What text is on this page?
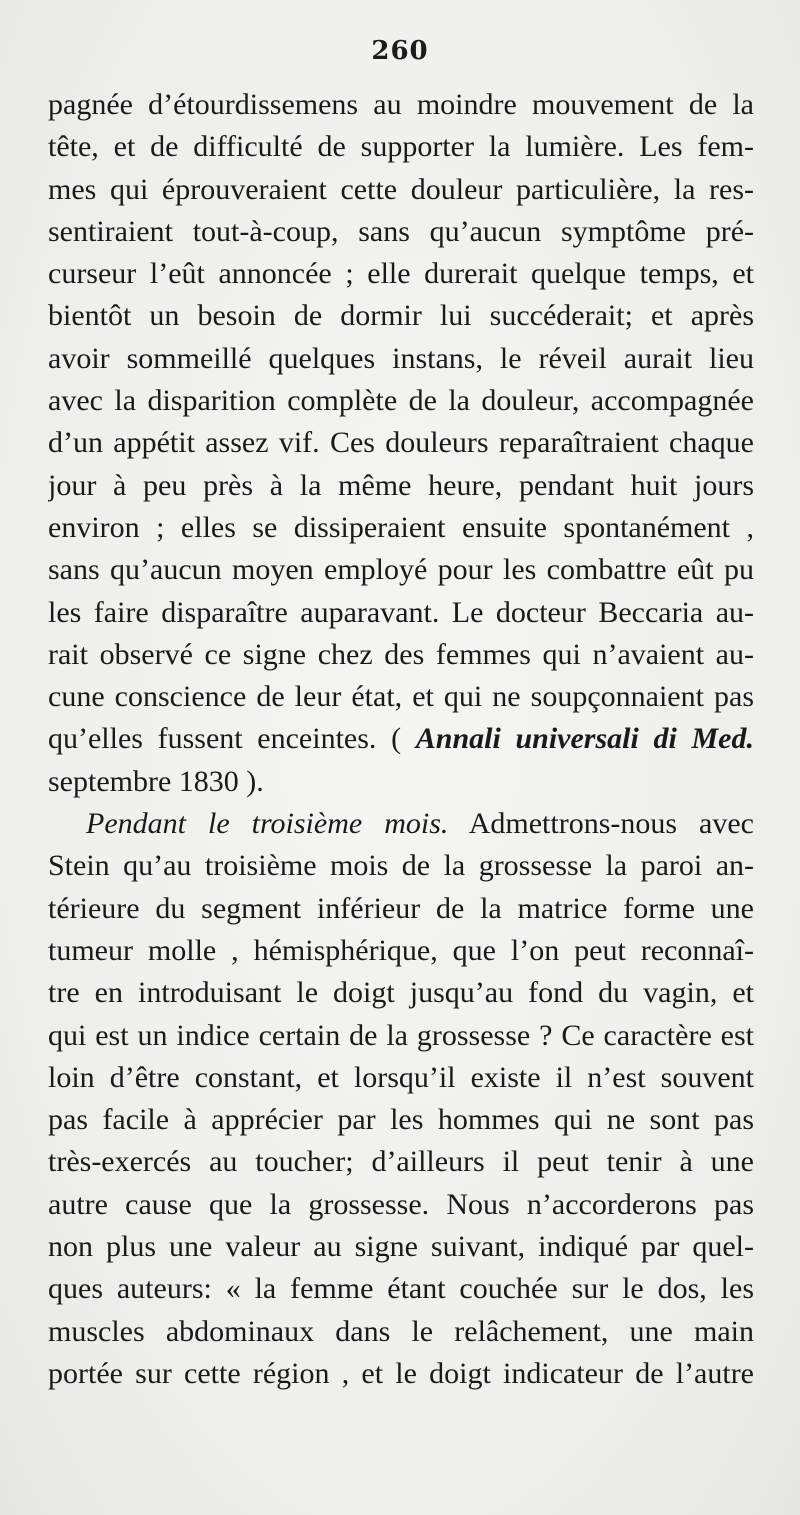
260
pagnée d’étourdissemens au moindre mouvement de la
tête, et de difficulté de supporter la lumière. Les fem-
mes qui éprouveraient cette douleur particulière, la res-
sentiraient tout-à-coup, sans qu’aucun symptôme pré-
curseur l’eût annoncée ; elle durerait quelque temps, et
bientôt un besoin de dormir lui succéderait; et après
avoir sommeillé quelques instans, le réveil aurait lieu
avec la disparition complète de la douleur, accompagnée
d’un appétit assez vif. Ces douleurs reparaîtraient chaque
jour à peu près à la même heure, pendant huit jours
environ ; elles se dissiperaient ensuite spontanément ,
sans qu’aucun moyen employé pour les combattre eût pu
les faire disparaître auparavant. Le docteur Beccaria au-
rait observé ce signe chez des femmes qui n’avaient au-
cune conscience de leur état, et qui ne soupçonnaient pas
qu’elles fussent enceintes. ( Annali universali di Med.
septembre 1830 ).
Pendant le troisième mois. Admettrons-nous avec
Stein qu’au troisième mois de la grossesse la paroi an-
térieure du segment inférieur de la matrice forme une
tumeur molle , hémisphérique, que l’on peut reconnaî-
tre en introduisant le doigt jusqu’au fond du vagin, et
qui est un indice certain de la grossesse ? Ce caractère est
loin d’être constant, et lorsqu’il existe il n’est souvent
pas facile à apprécier par les hommes qui ne sont pas
très-exercés au toucher; d’ailleurs il peut tenir à une
autre cause que la grossesse. Nous n’accorderons pas
non plus une valeur au signe suivant, indiqué par quel-
ques auteurs: « la femme étant couchée sur le dos, les
muscles abdominaux dans le relâchement, une main
portée sur cette région , et le doigt indicateur de l’autre
